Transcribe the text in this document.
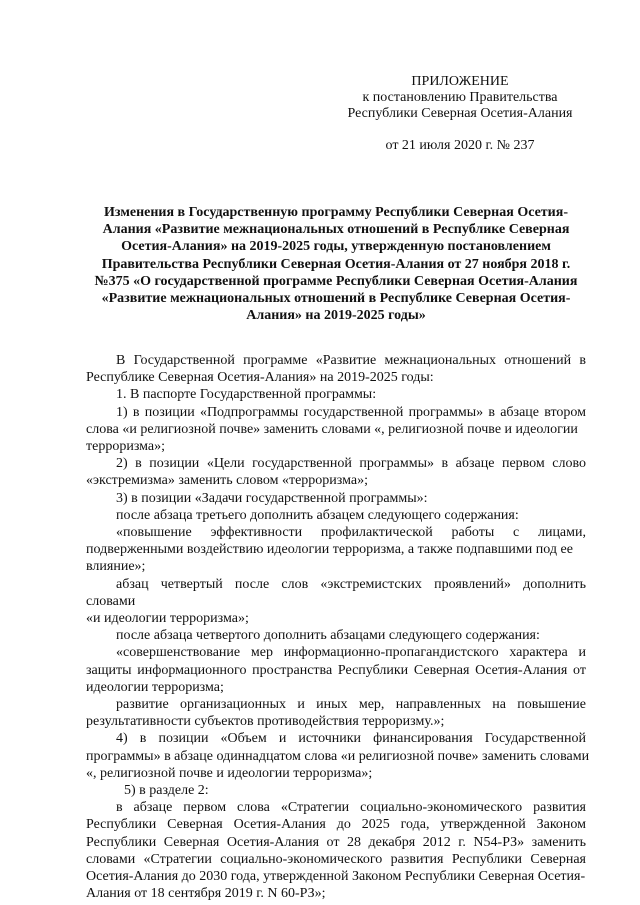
ПРИЛОЖЕНИЕ
к постановлению Правительства
Республики Северная Осетия-Алания
от 21 июля 2020 г. № 237
Изменения в Государственную программу Республики Северная Осетия-
Алания «Развитие межнациональных отношений в Республике Северная
Осетия-Алания» на 2019-2025 годы, утвержденную постановлением
Правительства Республики Северная Осетия-Алания от 27 ноября 2018 г.
№375 «О государственной программе Республики Северная Осетия-Алания
«Развитие межнациональных отношений в Республике Северная Осетия-
Алания» на 2019-2025 годы»

В Государственной программе «Развитие межнациональных отношений в

Республике Северная Осетия-Алания» на 2019-2025 годы:

1. В паспорте Государственной программы:

1) в позиции «Подпрограммы государственной программы» в абзаце втором

слова «и религиозной почве» заменить словами «, религиозной почве и идеологии

терроризма»;

2) в позиции «Цели государственной программы» в абзаце первом слово

«экстремизма» заменить словом «терроризма»;

3) в позиции «Задачи государственной программы»:

после абзаца третьего дополнить абзацем следующего содержания:

«повышение эффективности профилактической работы с лицами,

подверженными воздействию идеологии терроризма, а также подпавшими под ее

влияние»;

абзац четвертый после слов «экстремистских проявлений» дополнить словами

«и идеологии терроризма»;

после абзаца четвертого дополнить абзацами следующего содержания:

«совершенствование мер информационно-пропагандистского характера и

защиты информационного пространства Республики Северная Осетия-Алания от

идеологии терроризма;

развитие организационных и иных мер, направленных на повышение

результативности субъектов противодействия терроризму.»;

4) в позиции «Объем и источники финансирования Государственной

программы» в абзаце одиннадцатом слова «и религиозной почве» заменить словами

«, религиозной почве и идеологии терроризма»;

5) в разделе 2:

в абзаце первом слова «Стратегии социально-экономического развития

Республики Северная Осетия-Алания до 2025 года, утвержденной Законом

Республики Северная Осетия-Алания от 28 декабря 2012 г. N54-РЗ» заменить

словами «Стратегии социально-экономического развития Республики Северная

Осетия-Алания до 2030 года, утвержденной Законом Республики Северная Осетия-

Алания от 18 сентября 2019 г. N 60-РЗ»;
